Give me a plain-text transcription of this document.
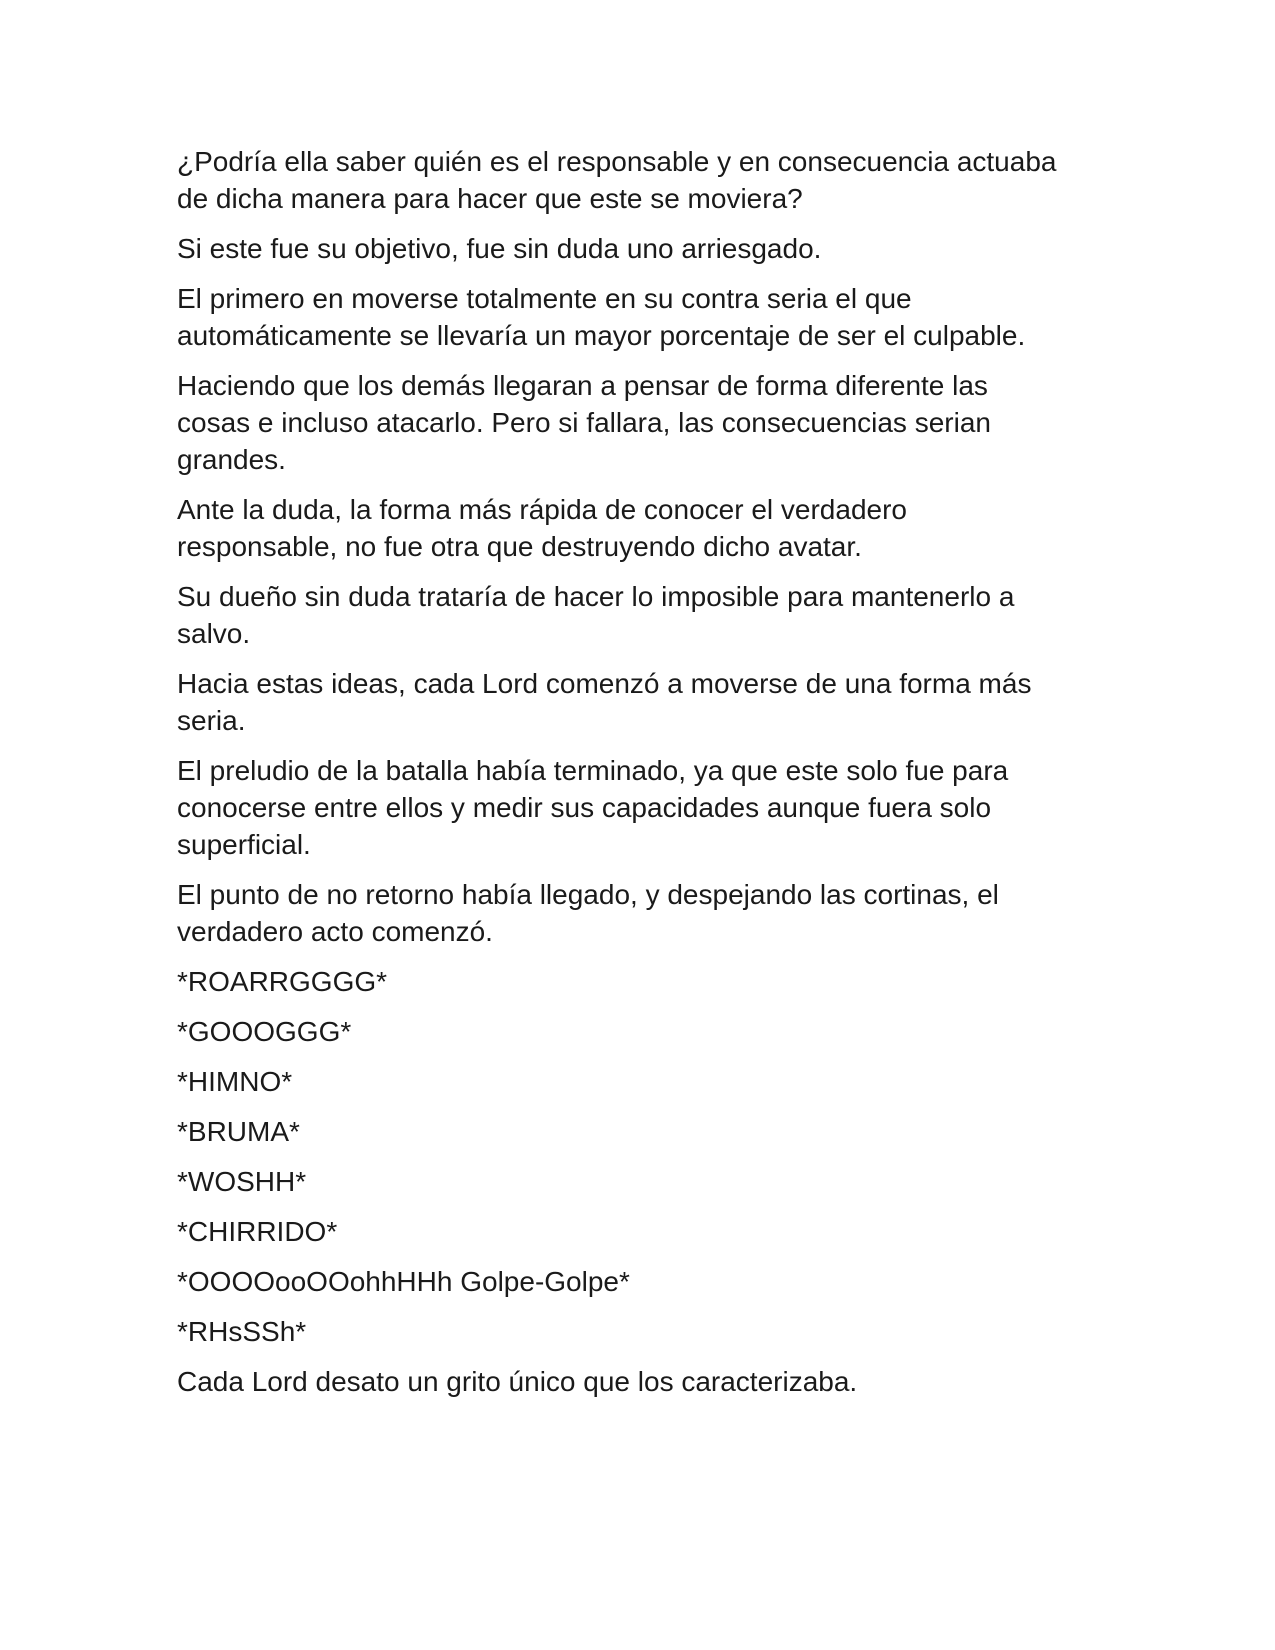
¿Podría ella saber quién es el responsable y en consecuencia actuaba
de dicha manera para hacer que este se moviera?

Si este fue su objetivo, fue sin duda uno arriesgado.

El primero en moverse totalmente en su contra seria el que
automáticamente se llevaría un mayor porcentaje de ser el culpable.

Haciendo que los demás llegaran a pensar de forma diferente las
cosas e incluso atacarlo. Pero si fallara, las consecuencias serian
grandes.

Ante la duda, la forma más rápida de conocer el verdadero
responsable, no fue otra que destruyendo dicho avatar.

Su dueño sin duda trataría de hacer lo imposible para mantenerlo a
salvo.

Hacia estas ideas, cada Lord comenzó a moverse de una forma más
seria.

El preludio de la batalla había terminado, ya que este solo fue para
conocerse entre ellos y medir sus capacidades aunque fuera solo
superficial.

El punto de no retorno había llegado, y despejando las cortinas, el
verdadero acto comenzó.

*ROARRGGGG*

*GOOOGGG*

*HIMNO*

*BRUMA*

*WOSHH*

*CHIRRIDO*

*OOOOooOOohhHHh Golpe-Golpe*

*RHsSSh*

Cada Lord desato un grito único que los caracterizaba.
